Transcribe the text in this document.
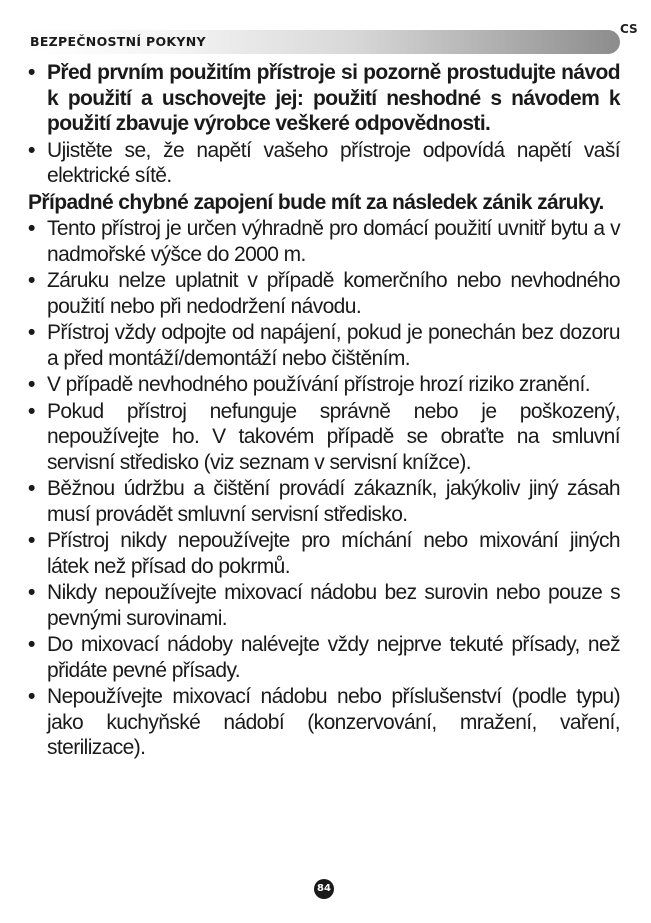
CS
BEZPEČNOSTNÍ POKYNY
• Před prvním použitím přístroje si pozorně prostudujte návod k použití a uschovejte jej: použití neshodné s návodem k použití zbavuje výrobce veškeré odpovědnosti.
• Ujistěte se, že napětí vašeho přístroje odpovídá napětí vaší elektrické sítě.
Případné chybné zapojení bude mít za následek zánik záruky.
• Tento přístroj je určen výhradně pro domácí použití uvnitř bytu a v nadmořské výšce do 2000 m.
• Záruku nelze uplatnit v případě komerčního nebo nevhodného použití nebo při nedodržení návodu.
• Přístroj vždy odpojte od napájení, pokud je ponechán bez dozoru a před montáží/demontáží nebo čištěním.
• V případě nevhodného používání přístroje hrozí riziko zranění.
• Pokud přístroj nefunguje správně nebo je poškozený, nepoužívejte ho. V takovém případě se obraťte na smluvní servisní středisko (viz seznam v servisní knížce).
• Běžnou údržbu a čištění provádí zákazník, jakýkoliv jiný zásah musí provádět smluvní servisní středisko.
• Přístroj nikdy nepoužívejte pro míchání nebo mixování jiných látek než přísad do pokrmů.
• Nikdy nepoužívejte mixovací nádobu bez surovin nebo pouze s pevnými surovinami.
• Do mixovací nádoby nalévejte vždy nejprve tekuté přísady, než přidáte pevné přísady.
• Nepoužívejte mixovací nádobu nebo příslušenství (podle typu) jako kuchyňské nádobí (konzervování, mražení, vaření, sterilizace).
84
